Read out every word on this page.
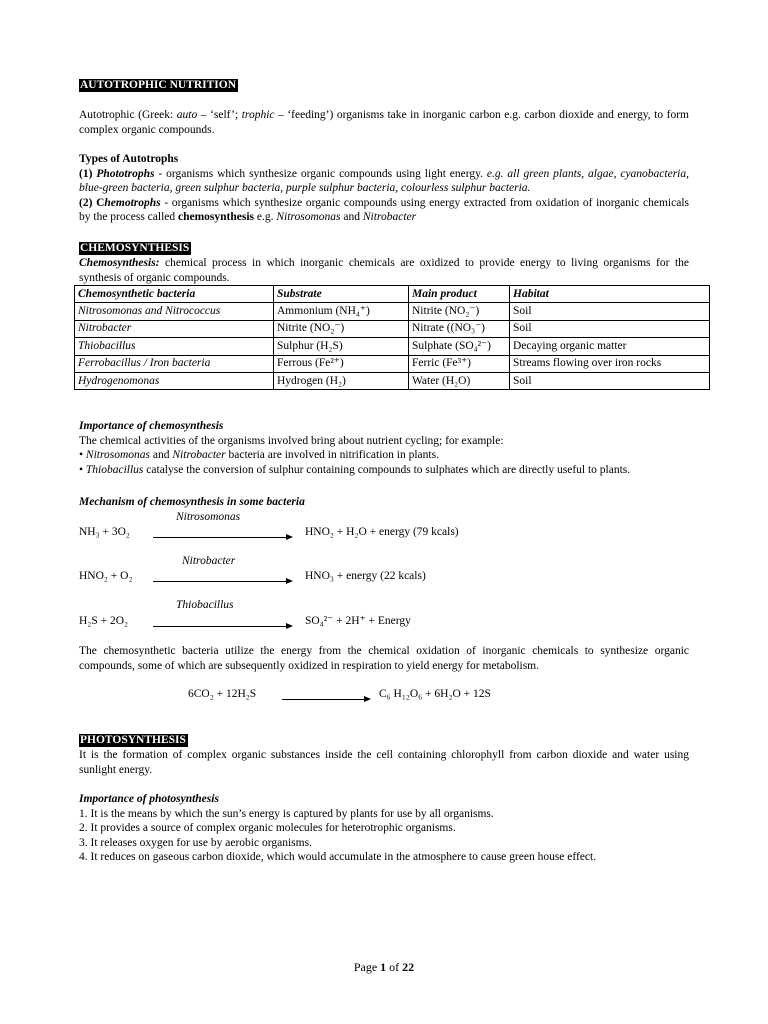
AUTOTROPHIC NUTRITION

Autotrophic (Greek: auto – ‘self’; trophic – ‘feeding’) organisms take in inorganic carbon e.g. carbon dioxide and energy, to form complex organic compounds.

Types of Autotrophs

(1) Phototrophs - organisms which synthesize organic compounds using light energy. e.g. all green plants, algae, cyanobacteria, blue-green bacteria, green sulphur bacteria, purple sulphur bacteria, colourless sulphur bacteria.

(2) Chemotrophs - organisms which synthesize organic compounds using energy extracted from oxidation of inorganic chemicals by the process called chemosynthesis e.g. Nitrosomonas and Nitrobacter

CHEMOSYNTHESIS

Chemosynthesis: chemical process in which inorganic chemicals are oxidized to provide energy to living organisms for the synthesis of organic compounds.

Chemosynthetic bacteria	Substrate	Main product	Habitat
Nitrosomonas and Nitrococcus	Ammonium (NH₄⁺)	Nitrite (NO₂⁻)	Soil
Nitrobacter	Nitrite (NO₂⁻)	Nitrate ((NO₃⁻)	Soil
Thiobacillus	Sulphur (H₂S)	Sulphate (SO₄²⁻)	Decaying organic matter
Ferrobacillus / Iron bacteria	Ferrous (Fe²⁺)	Ferric (Fe³⁺)	Streams flowing over iron rocks
Hydrogenomonas	Hydrogen (H₂)	Water (H₂O)	Soil

Importance of chemosynthesis

The chemical activities of the organisms involved bring about nutrient cycling; for example:

• Nitrosomonas and Nitrobacter bacteria are involved in nitrification in plants.

• Thiobacillus catalyse the conversion of sulphur containing compounds to sulphates which are directly useful to plants.

Mechanism of chemosynthesis in some bacteria

Nitrosomonas
NH₃ + 3O₂	HNO₂ + H₂O + energy (79 kcals)
Nitrobacter
HNO₂ + O₂	HNO₃ + energy (22 kcals)
Thiobacillus
H₂S + 2O₂	SO₄²⁻ + 2H⁺ + Energy

The chemosynthetic bacteria utilize the energy from the chemical oxidation of inorganic chemicals to synthesize organic compounds, some of which are subsequently oxidized in respiration to yield energy for metabolism.

6CO₂ + 12H₂S	C₆ H₁₂O₆ + 6H₂O + 12S
PHOTOSYNTHESIS

It is the formation of complex organic substances inside the cell containing chlorophyll from carbon dioxide and water using sunlight energy.

Importance of photosynthesis

1. It is the means by which the sun’s energy is captured by plants for use by all organisms.

2. It provides a source of complex organic molecules for heterotrophic organisms.

3. It releases oxygen for use by aerobic organisms.

4. It reduces on gaseous carbon dioxide, which would accumulate in the atmosphere to cause green house effect.

Page 1 of 22
